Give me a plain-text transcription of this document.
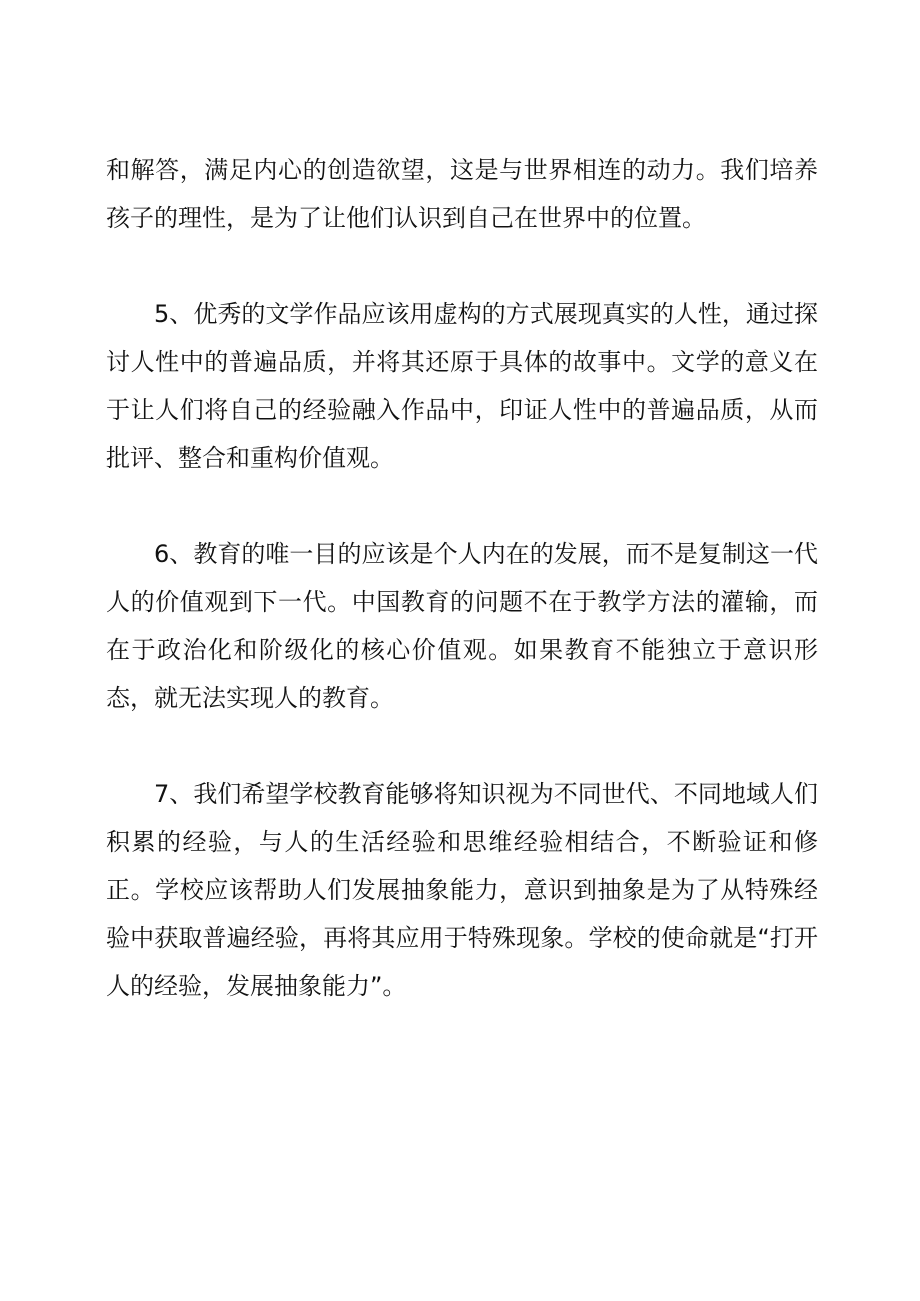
和解答，满足内心的创造欲望，这是与世界相连的动力。我们培养孩子的理性，是为了让他们认识到自己在世界中的位置。

5、优秀的文学作品应该用虚构的方式展现真实的人性，通过探讨人性中的普遍品质，并将其还原于具体的故事中。文学的意义在于让人们将自己的经验融入作品中，印证人性中的普遍品质，从而批评、整合和重构价值观。

6、教育的唯一目的应该是个人内在的发展，而不是复制这一代人的价值观到下一代。中国教育的问题不在于教学方法的灌输，而在于政治化和阶级化的核心价值观。如果教育不能独立于意识形态，就无法实现人的教育。

7、我们希望学校教育能够将知识视为不同世代、不同地域人们积累的经验，与人的生活经验和思维经验相结合，不断验证和修正。学校应该帮助人们发展抽象能力，意识到抽象是为了从特殊经验中获取普遍经验，再将其应用于特殊现象。学校的使命就是“打开人的经验，发展抽象能力”。
